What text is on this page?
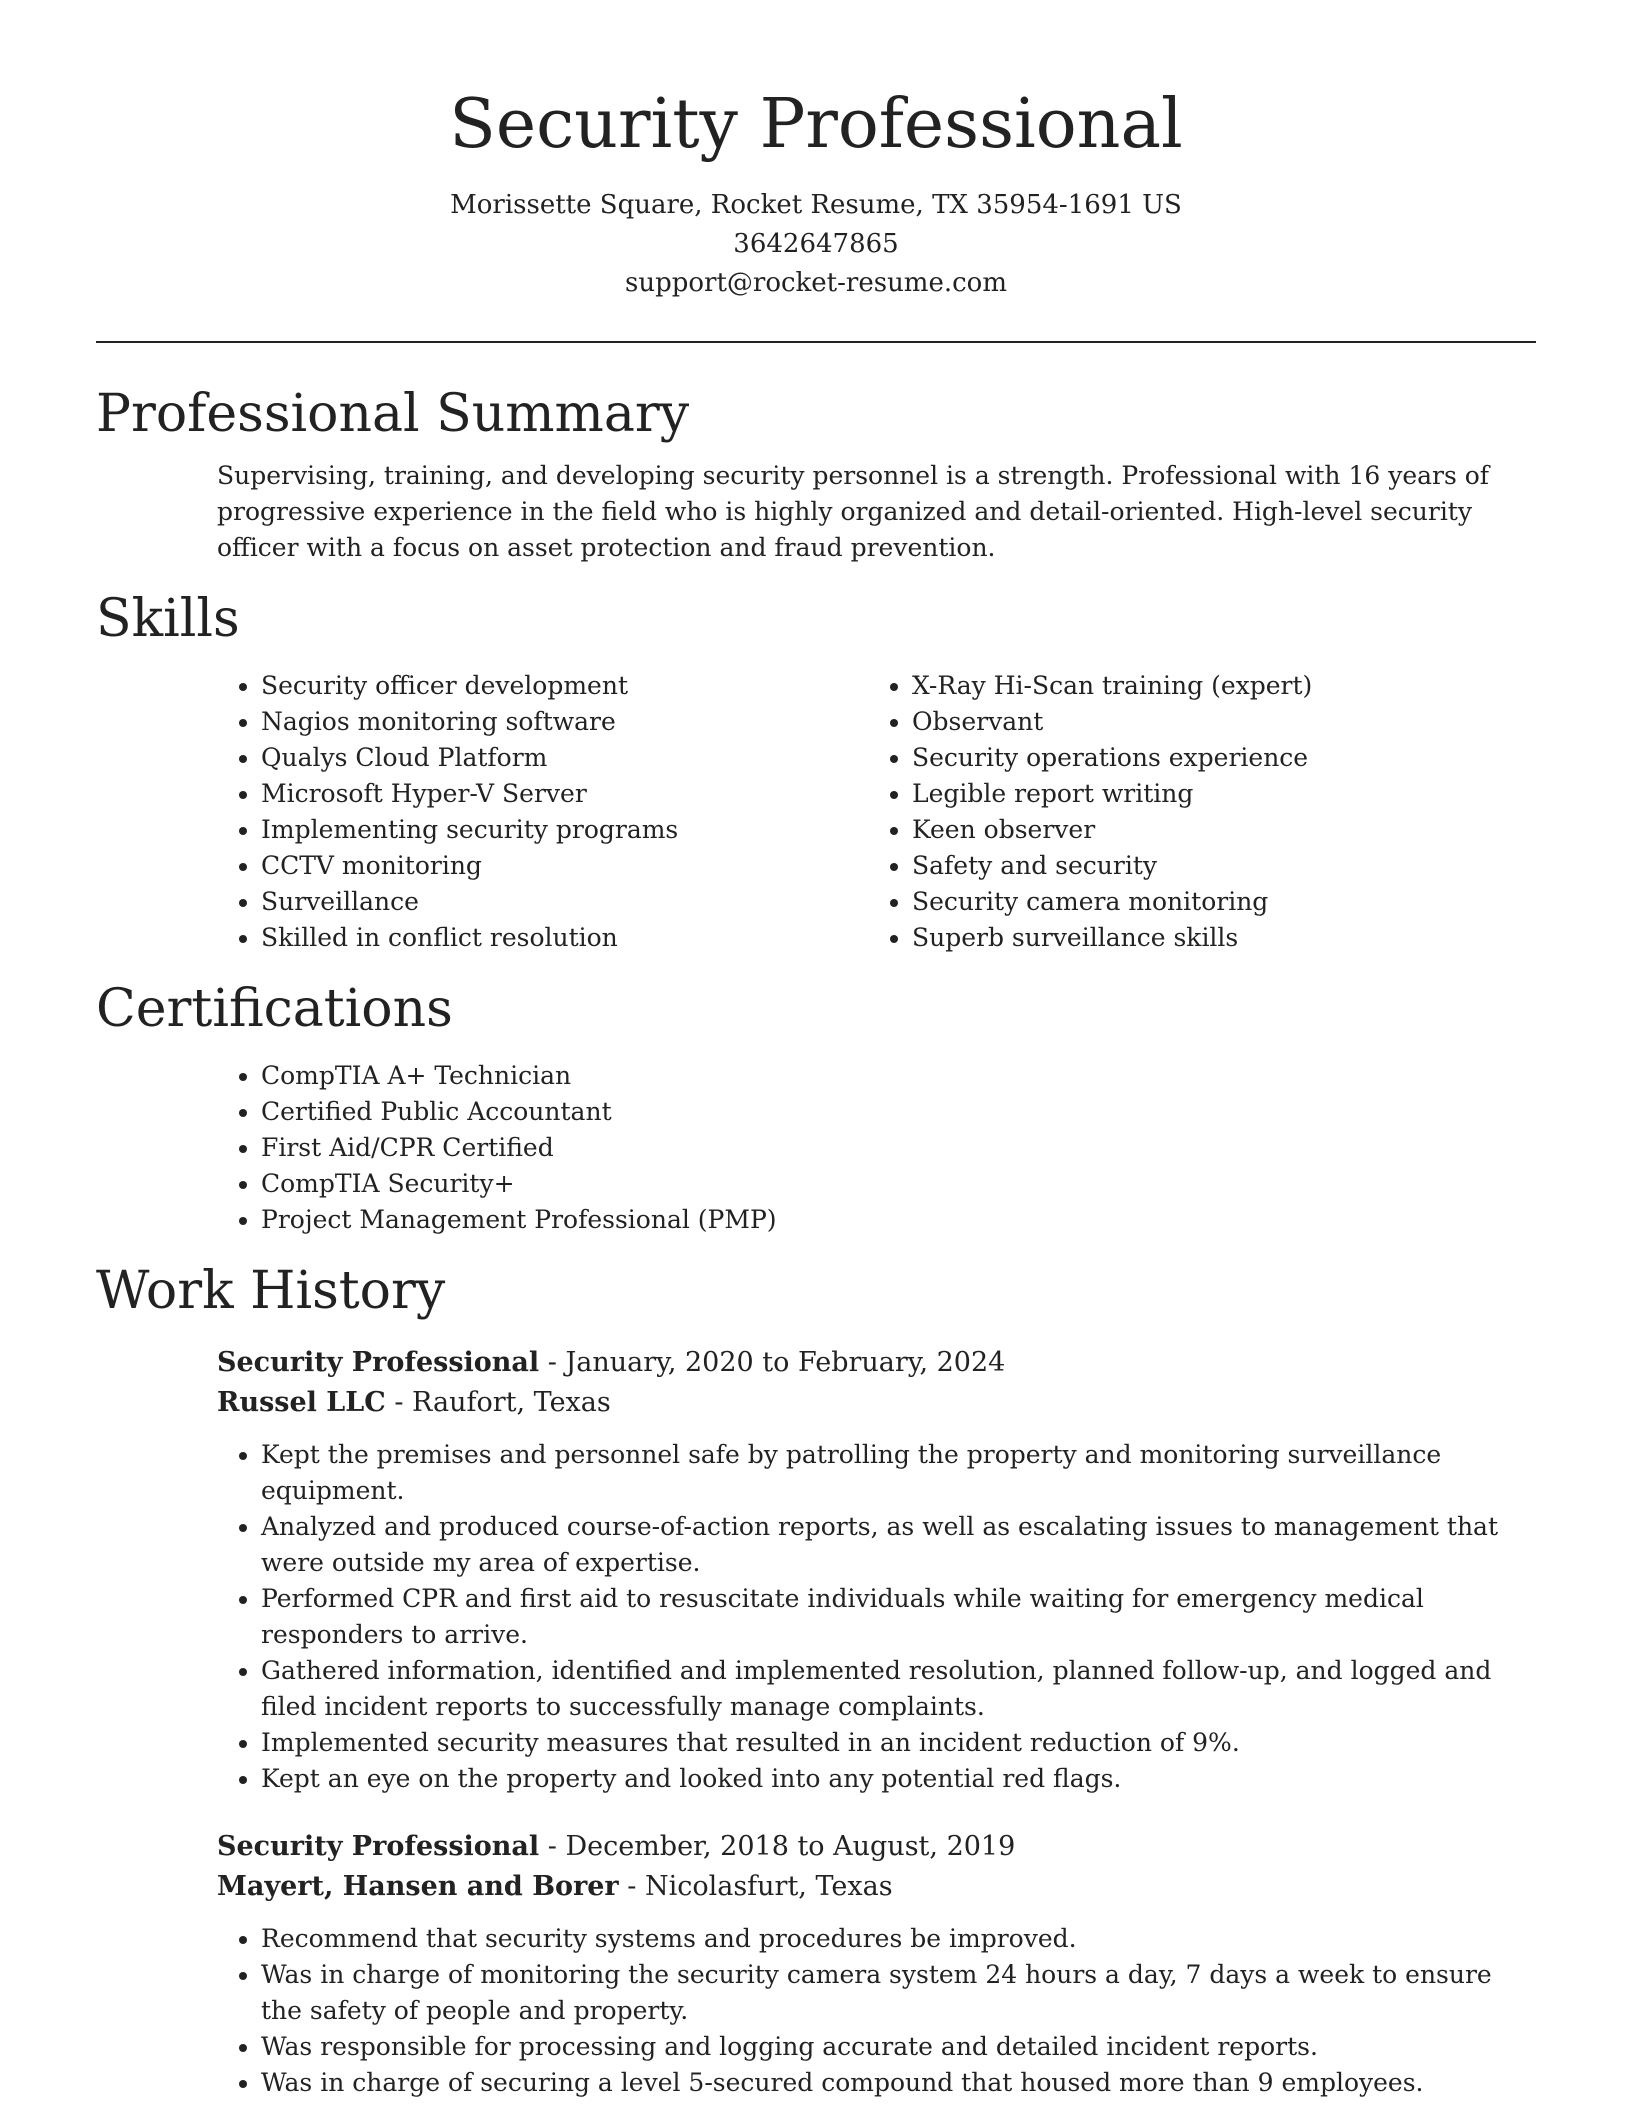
Security Professional
Morissette Square, Rocket Resume, TX 35954-1691 US
3642647865
support@rocket-resume.com
Professional Summary

Supervising, training, and developing security personnel is a strength. Professional with 16 years of progressive experience in the field who is highly organized and detail-oriented. High-level security officer with a focus on asset protection and fraud prevention.

Skills
• Security officer development
• Nagios monitoring software
• Qualys Cloud Platform
• Microsoft Hyper-V Server
• Implementing security programs
• CCTV monitoring
• Surveillance
• Skilled in conflict resolution
• X-Ray Hi-Scan training (expert)
• Observant
• Security operations experience
• Legible report writing
• Keen observer
• Safety and security
• Security camera monitoring
• Superb surveillance skills
Certifications
• CompTIA A+ Technician
• Certified Public Accountant
• First Aid/CPR Certified
• CompTIA Security+
• Project Management Professional (PMP)
Work History

Security Professional - January, 2020 to February, 2024

Russel LLC - Raufort, Texas

• Kept the premises and personnel safe by patrolling the property and monitoring surveillance equipment.
• Analyzed and produced course-of-action reports, as well as escalating issues to management that were outside my area of expertise.
• Performed CPR and first aid to resuscitate individuals while waiting for emergency medical responders to arrive.
• Gathered information, identified and implemented resolution, planned follow-up, and logged and filed incident reports to successfully manage complaints.
• Implemented security measures that resulted in an incident reduction of 9%.
• Kept an eye on the property and looked into any potential red flags.

Security Professional - December, 2018 to August, 2019

Mayert, Hansen and Borer - Nicolasfurt, Texas

• Recommend that security systems and procedures be improved.
• Was in charge of monitoring the security camera system 24 hours a day, 7 days a week to ensure the safety of people and property.
• Was responsible for processing and logging accurate and detailed incident reports.
• Was in charge of securing a level 5-secured compound that housed more than 9 employees.
